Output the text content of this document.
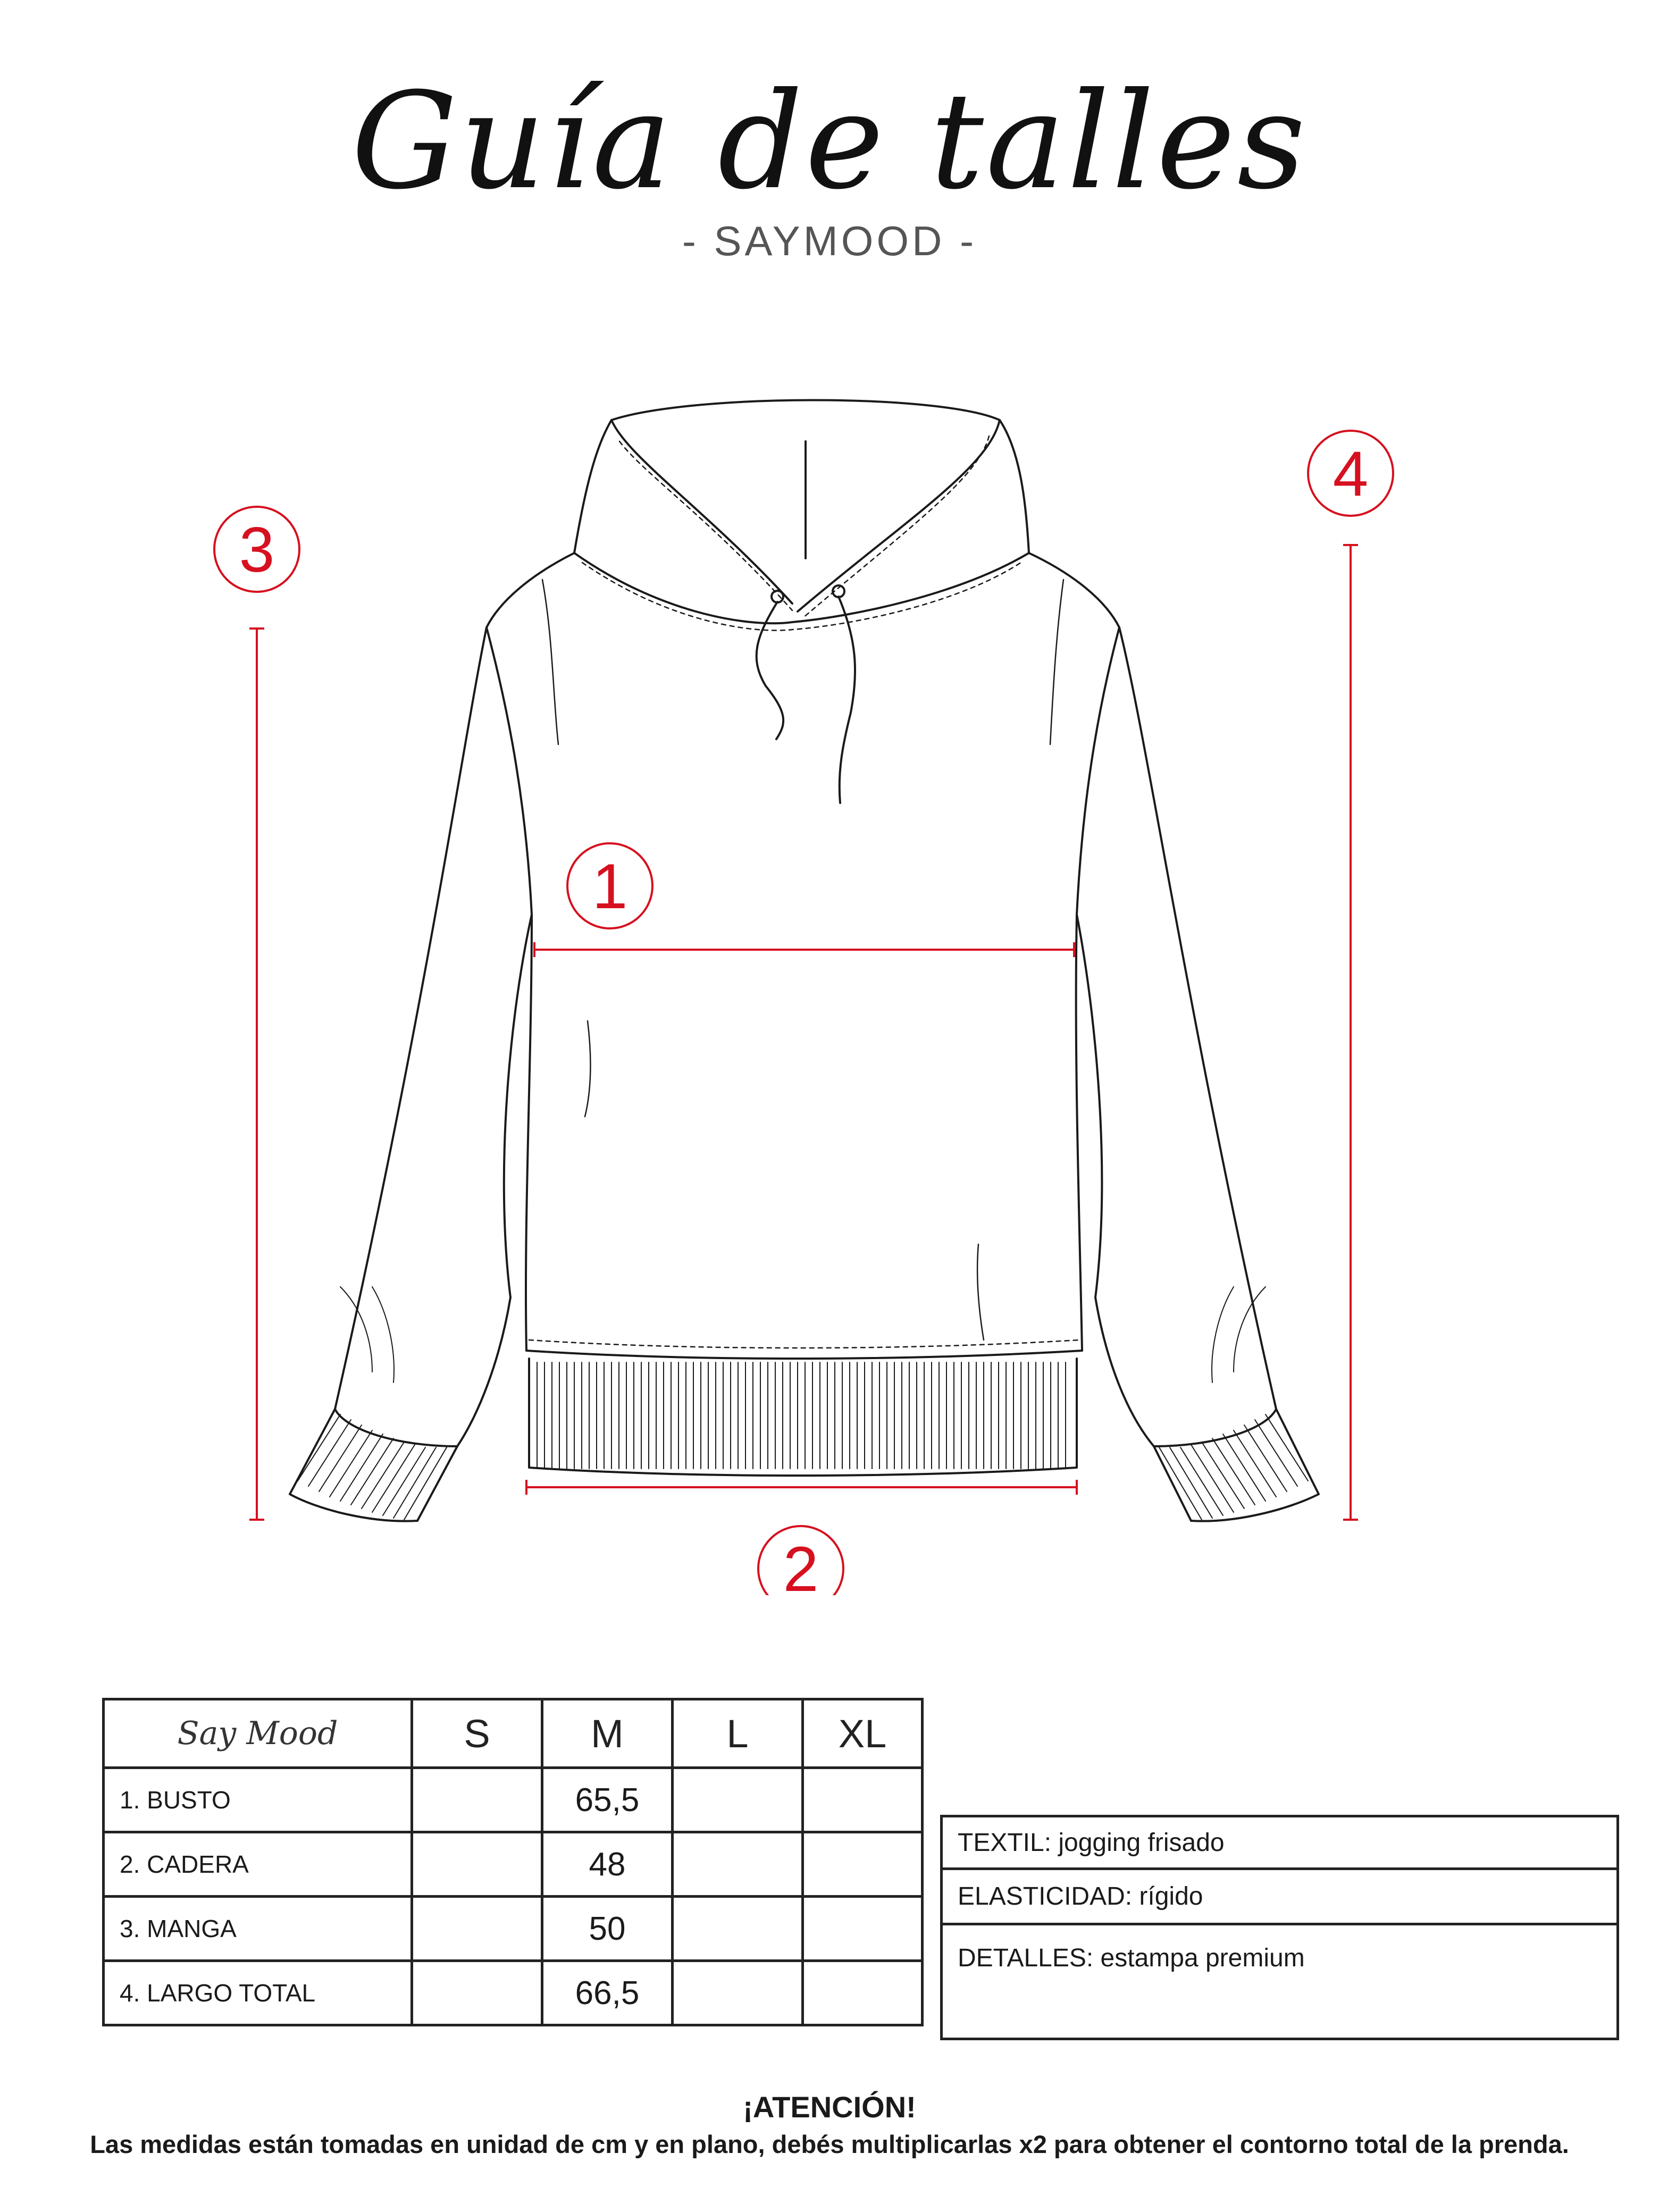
Guía de talles
- SAYMOOD -
1
2
3
4
Say Mood	S	M	L	XL
1. BUSTO		65,5		
2. CADERA		48		
3. MANGA		50		
4. LARGO TOTAL		66,5		
TEXTIL: jogging frisado
ELASTICIDAD: rígido
DETALLES: estampa premium
¡ATENCIÓN!
Las medidas están tomadas en unidad de cm y en plano, debés multiplicarlas x2 para obtener el contorno total de la prenda.
